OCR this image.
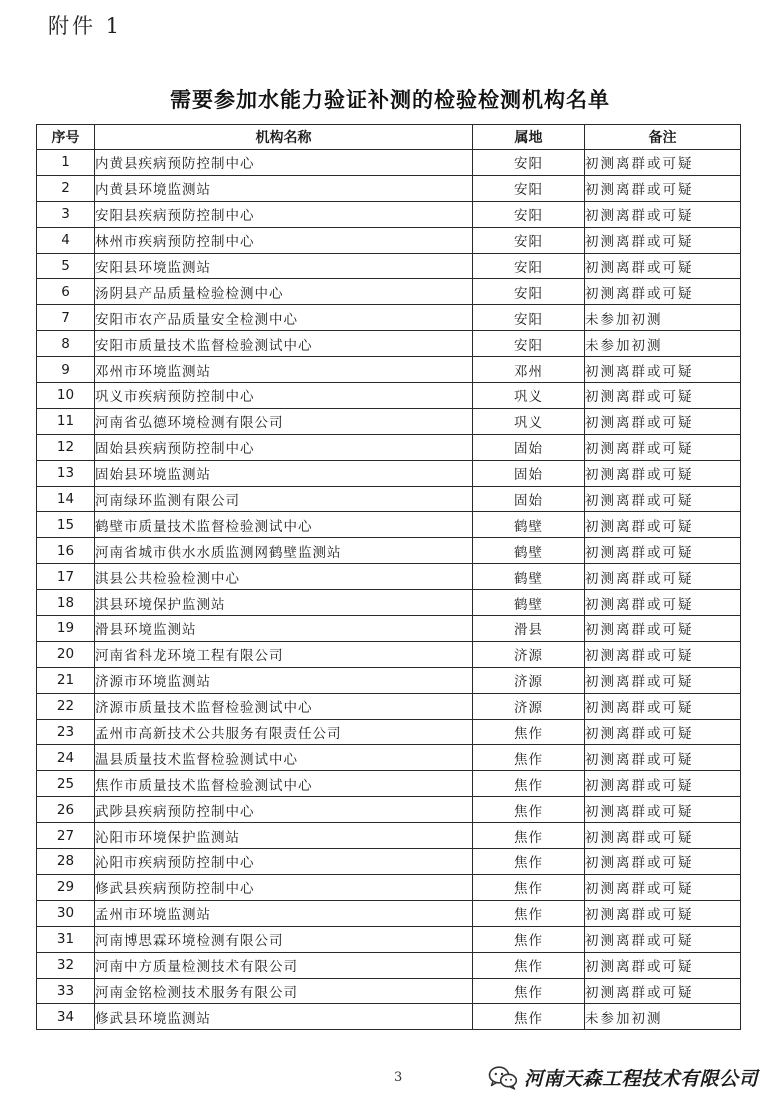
附件 1
需要参加水能力验证补测的检验检测机构名单
序号	机构名称	属地	备注
1	内黄县疾病预防控制中心	安阳	初测离群或可疑
2	内黄县环境监测站	安阳	初测离群或可疑
3	安阳县疾病预防控制中心	安阳	初测离群或可疑
4	林州市疾病预防控制中心	安阳	初测离群或可疑
5	安阳县环境监测站	安阳	初测离群或可疑
6	汤阴县产品质量检验检测中心	安阳	初测离群或可疑
7	安阳市农产品质量安全检测中心	安阳	未参加初测
8	安阳市质量技术监督检验测试中心	安阳	未参加初测
9	邓州市环境监测站	邓州	初测离群或可疑
10	巩义市疾病预防控制中心	巩义	初测离群或可疑
11	河南省弘德环境检测有限公司	巩义	初测离群或可疑
12	固始县疾病预防控制中心	固始	初测离群或可疑
13	固始县环境监测站	固始	初测离群或可疑
14	河南绿环监测有限公司	固始	初测离群或可疑
15	鹤壁市质量技术监督检验测试中心	鹤壁	初测离群或可疑
16	河南省城市供水水质监测网鹤壁监测站	鹤壁	初测离群或可疑
17	淇县公共检验检测中心	鹤壁	初测离群或可疑
18	淇县环境保护监测站	鹤壁	初测离群或可疑
19	滑县环境监测站	滑县	初测离群或可疑
20	河南省科龙环境工程有限公司	济源	初测离群或可疑
21	济源市环境监测站	济源	初测离群或可疑
22	济源市质量技术监督检验测试中心	济源	初测离群或可疑
23	孟州市高新技术公共服务有限责任公司	焦作	初测离群或可疑
24	温县质量技术监督检验测试中心	焦作	初测离群或可疑
25	焦作市质量技术监督检验测试中心	焦作	初测离群或可疑
26	武陟县疾病预防控制中心	焦作	初测离群或可疑
27	沁阳市环境保护监测站	焦作	初测离群或可疑
28	沁阳市疾病预防控制中心	焦作	初测离群或可疑
29	修武县疾病预防控制中心	焦作	初测离群或可疑
30	孟州市环境监测站	焦作	初测离群或可疑
31	河南博思霖环境检测有限公司	焦作	初测离群或可疑
32	河南中方质量检测技术有限公司	焦作	初测离群或可疑
33	河南金铭检测技术服务有限公司	焦作	初测离群或可疑
34	修武县环境监测站	焦作	未参加初测
3	河南天森工程技术有限公司
